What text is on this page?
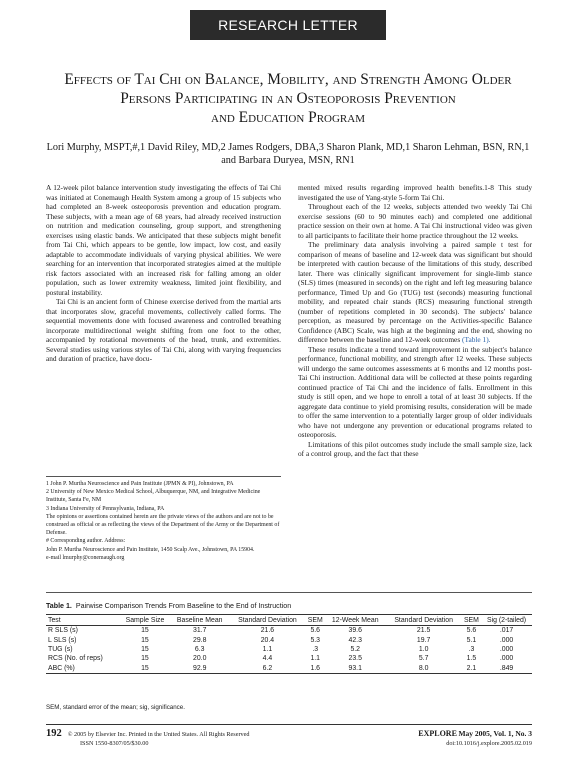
RESEARCH LETTER
Effects of Tai Chi on Balance, Mobility, and Strength Among Older
Persons Participating in an Osteoporosis Prevention
and Education Program
Lori Murphy, MSPT,#,1 David Riley, MD,2 James Rodgers, DBA,3 Sharon Plank, MD,1 Sharon Lehman, BSN, RN,1
and Barbara Duryea, MSN, RN1

A 12-week pilot balance intervention study investigating the effects of Tai Chi was initiated at Conemaugh Health System among a group of 15 subjects who had completed an 8-week osteoporosis prevention and education program. These subjects, with a mean age of 68 years, had already received instruction on nutrition and medication counseling, group support, and strengthening exercises using elastic bands. We anticipated that these subjects might benefit from Tai Chi, which appears to be gentle, low impact, low cost, and easily adaptable to accommodate individuals of varying physical abilities. We were searching for an intervention that incorporated strategies aimed at the multiple risk factors associated with an increased risk for falling among an older population, such as lower extremity weakness, limited joint flexibility, and postural instability.

Tai Chi is an ancient form of Chinese exercise derived from the martial arts that incorporates slow, graceful movements, collectively called forms. The sequential movements done with focused awareness and controlled breathing incorporate multidirectional weight shifting from one foot to the other, accompanied by rotational movements of the head, trunk, and extremities. Several studies using various styles of Tai Chi, along with varying frequencies and duration of practice, have docu-

mented mixed results regarding improved health benefits.1-8 This study investigated the use of Yang-style 5-form Tai Chi.

Throughout each of the 12 weeks, subjects attended two weekly Tai Chi exercise sessions (60 to 90 minutes each) and completed one additional practice session on their own at home. A Tai Chi instructional video was given to all participants to facilitate their home practice throughout the 12 weeks.

The preliminary data analysis involving a paired sample t test for comparison of means of baseline and 12-week data was significant but should be interpreted with caution because of the limitations of this study, described later. There was clinically significant improvement for single-limb stance (SLS) times (measured in seconds) on the right and left leg measuring balance performance, Timed Up and Go (TUG) test (seconds) measuring functional mobility, and repeated chair stands (RCS) measuring functional strength (number of repetitions completed in 30 seconds). The subjects' balance perception, as measured by percentage on the Activities-specific Balance Confidence (ABC) Scale, was high at the beginning and the end, showing no difference between the baseline and 12-week outcomes (Table 1).

These results indicate a trend toward improvement in the subject's balance performance, functional mobility, and strength after 12 weeks. These subjects will undergo the same outcomes assessments at 6 months and 12 months post-Tai Chi instruction. Additional data will be collected at these points regarding continued practice of Tai Chi and the incidence of falls. Enrollment in this study is still open, and we hope to enroll a total of at least 30 subjects. If the aggregate data continue to yield promising results, consideration will be made to offer the same intervention to a potentially larger group of older individuals who have not undergone any prevention or educational programs related to osteoporosis.

Limitations of this pilot outcomes study include the small sample size, lack of a control group, and the fact that these

1 John P. Murtha Neuroscience and Pain Institute (JPMN & PI), Johnstown, PA
2 University of New Mexico Medical School, Albuquerque, NM, and Integrative Medicine Institute, Santa Fe, NM
3 Indiana University of Pennsylvania, Indiana, PA
The opinions or assertions contained herein are the private views of the authors and are not to be construed as official or as reflecting the views of the Department of the Army or the Department of Defense.
# Corresponding author. Address:
John P. Murtha Neuroscience and Pain Institute, 1450 Scalp Ave., Johnstown, PA 15904.
e-mail lmurphy@conemaugh.org
Table 1. Pairwise Comparison Trends From Baseline to the End of Instruction
Test	Sample Size	Baseline Mean	Standard Deviation	SEM	12-Week Mean	Standard Deviation	SEM	Sig (2-tailed)
R SLS (s)	15	31.7	21.6	5.6	39.6	21.5	5.6	.017
L SLS (s)	15	29.8	20.4	5.3	42.3	19.7	5.1	.000
TUG (s)	15	6.3	1.1	.3	5.2	1.0	.3	.000
RCS (No. of reps)	15	20.0	4.4	1.1	23.5	5.7	1.5	.000
ABC (%)	15	92.9	6.2	1.6	93.1	8.0	2.1	.849
SEM, standard error of the mean; sig, significance.
192 © 2005 by Elsevier Inc. Printed in the United States. All Rights Reserved
ISSN 1550-8307/05/$30.00
EXPLORE May 2005, Vol. 1, No. 3
doi:10.1016/j.explore.2005.02.019
